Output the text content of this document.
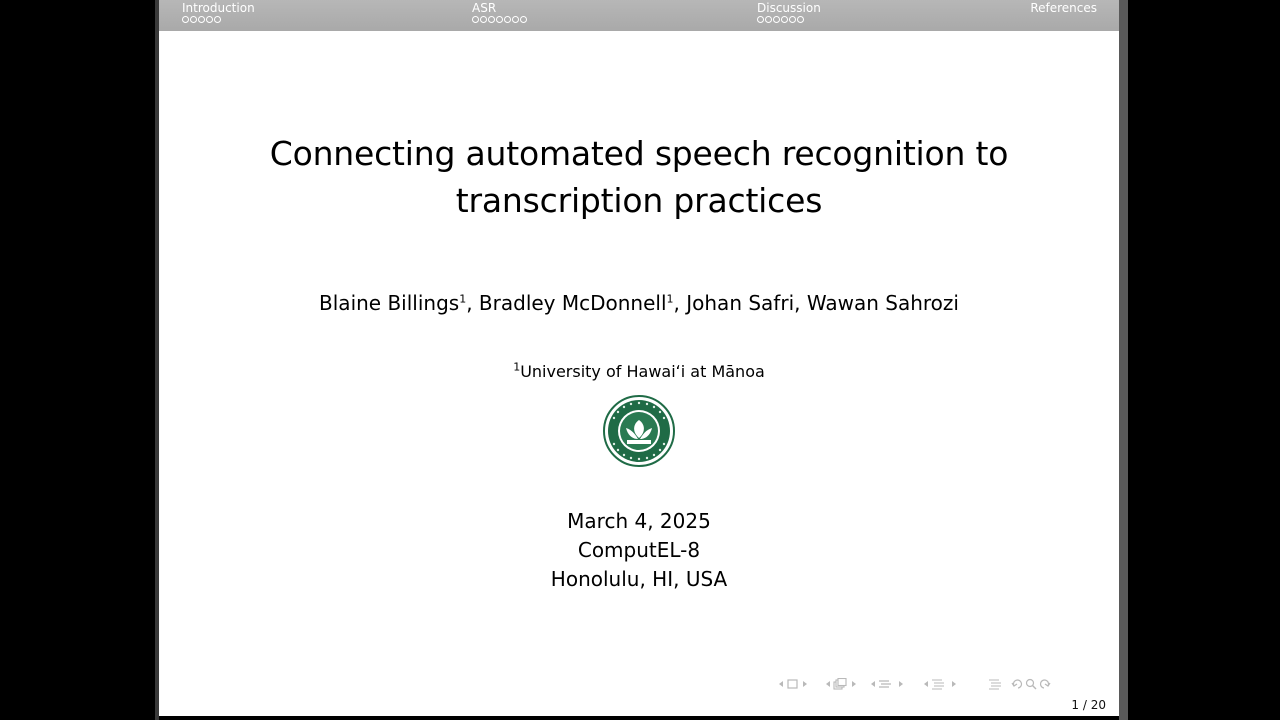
Introduction	ASR	Discussion	References
Connecting automated speech recognition to
transcription practices
Blaine Billings$^1$, Bradley McDonnell$^1$, Johan Safri, Wawan Sahrozi
$^1$University of Hawaiʻi at Mānoa
March 4, 2025
ComputEL-8
Honolulu, HI, USA
1 / 20
